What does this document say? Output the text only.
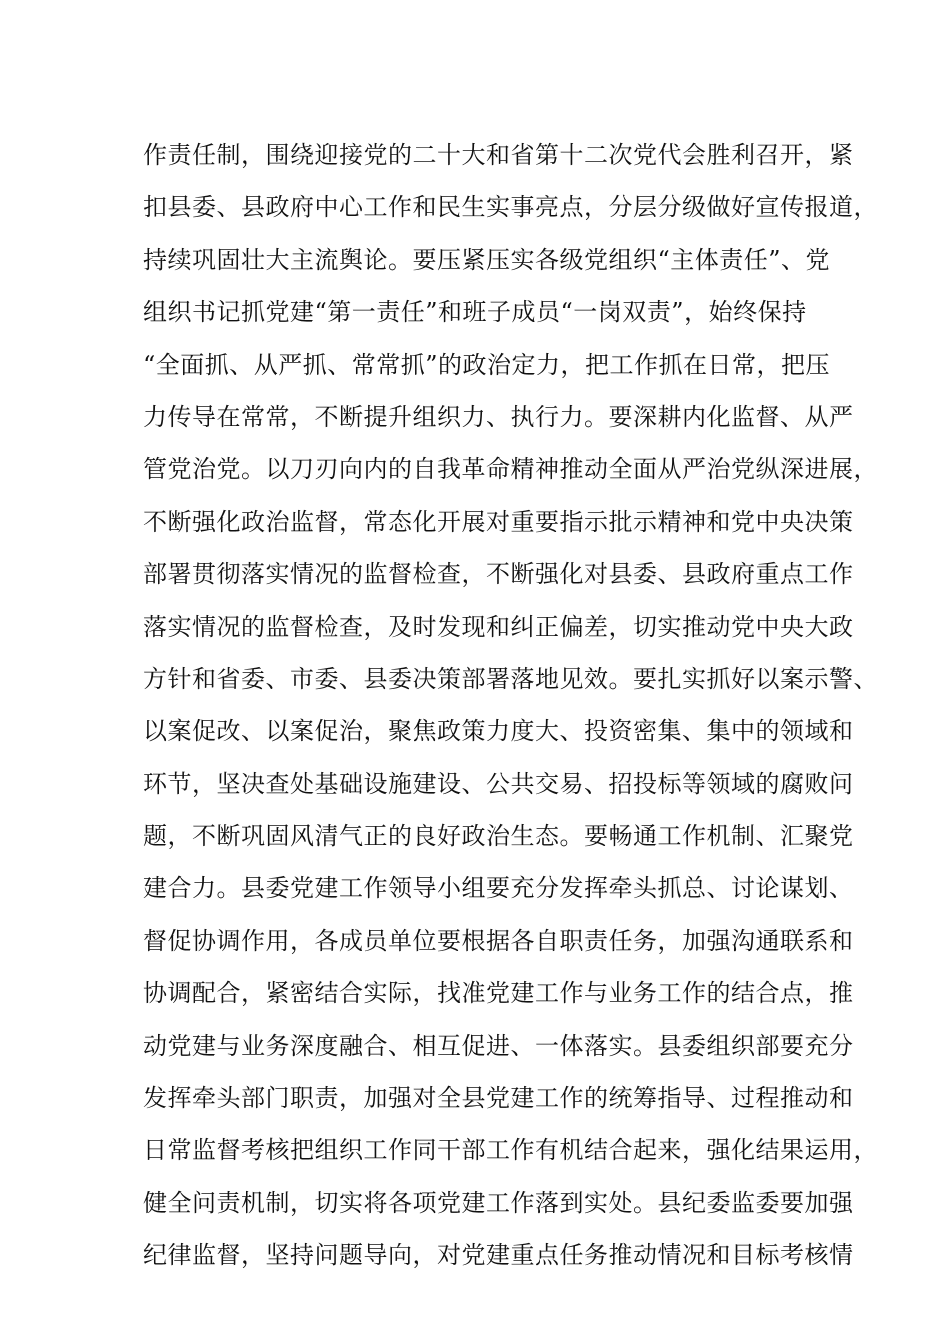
作责任制，围绕迎接党的二十大和省第十二次党代会胜利召开，紧
扣县委、县政府中心工作和民生实事亮点，分层分级做好宣传报道，
持续巩固壮大主流舆论。要压紧压实各级党组织“主体责任”、党
组织书记抓党建“第一责任”和班子成员“一岗双责”，始终保持
“全面抓、从严抓、常常抓”的政治定力，把工作抓在日常，把压
力传导在常常，不断提升组织力、执行力。要深耕内化监督、从严
管党治党。以刀刃向内的自我革命精神推动全面从严治党纵深进展，
不断强化政治监督，常态化开展对重要指示批示精神和党中央决策
部署贯彻落实情况的监督检查，不断强化对县委、县政府重点工作
落实情况的监督检查，及时发现和纠正偏差，切实推动党中央大政
方针和省委、市委、县委决策部署落地见效。要扎实抓好以案示警、
以案促改、以案促治，聚焦政策力度大、投资密集、集中的领域和
环节，坚决查处基础设施建设、公共交易、招投标等领域的腐败问
题，不断巩固风清气正的良好政治生态。要畅通工作机制、汇聚党
建合力。县委党建工作领导小组要充分发挥牵头抓总、讨论谋划、
督促协调作用，各成员单位要根据各自职责任务，加强沟通联系和
协调配合，紧密结合实际，找准党建工作与业务工作的结合点，推
动党建与业务深度融合、相互促进、一体落实。县委组织部要充分
发挥牵头部门职责，加强对全县党建工作的统筹指导、过程推动和
日常监督考核把组织工作同干部工作有机结合起来，强化结果运用，
健全问责机制，切实将各项党建工作落到实处。县纪委监委要加强
纪律监督，坚持问题导向，对党建重点任务推动情况和目标考核情
